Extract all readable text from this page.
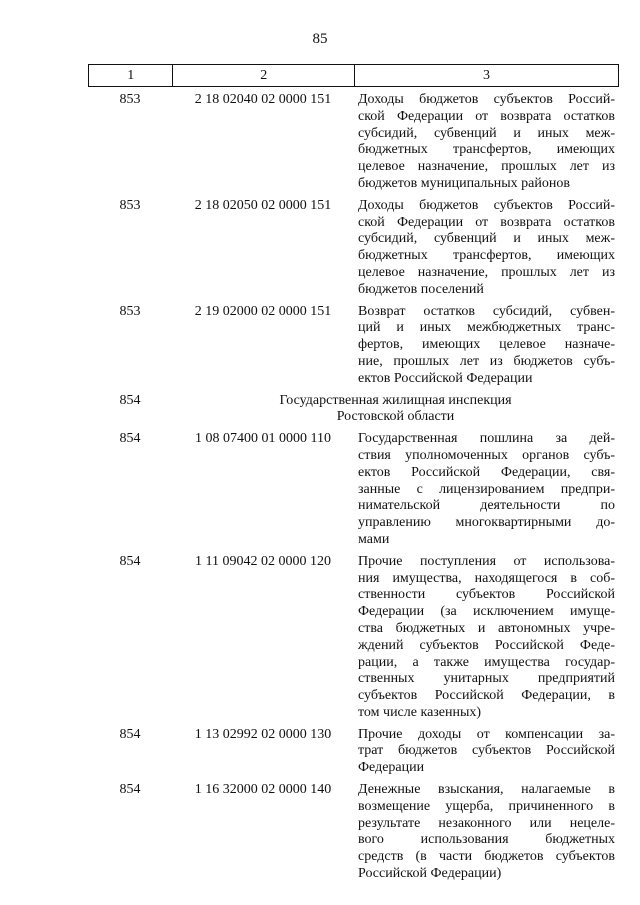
85
1	2	3
853	2 18 02040 02 0000 151	Доходы бюджетов субъектов Россий-
ской Федерации от возврата остатков
субсидий, субвенций и иных меж-
бюджетных трансфертов, имеющих
целевое назначение, прошлых лет из
бюджетов муниципальных районов
853	2 18 02050 02 0000 151	Доходы бюджетов субъектов Россий-
ской Федерации от возврата остатков
субсидий, субвенций и иных меж-
бюджетных трансфертов, имеющих
целевое назначение, прошлых лет из
бюджетов поселений
853	2 19 02000 02 0000 151	Возврат остатков субсидий, субвен-
ций и иных межбюджетных транс-
фертов, имеющих целевое назначе-
ние, прошлых лет из бюджетов субъ-
ектов Российской Федерации
854	Государственная жилищная инспекция
Ростовской области
854	1 08 07400 01 0000 110	Государственная пошлина за дей-
ствия уполномоченных органов субъ-
ектов Российской Федерации, свя-
занные с лицензированием предпри-
нимательской деятельности по
управлению многоквартирными до-
мами
854	1 11 09042 02 0000 120	Прочие поступления от использова-
ния имущества, находящегося в соб-
ственности субъектов Российской
Федерации (за исключением имуще-
ства бюджетных и автономных учре-
ждений субъектов Российской Феде-
рации, а также имущества государ-
ственных унитарных предприятий
субъектов Российской Федерации, в
том числе казенных)
854	1 13 02992 02 0000 130	Прочие доходы от компенсации за-
трат бюджетов субъектов Российской
Федерации
854	1 16 32000 02 0000 140	Денежные взыскания, налагаемые в
возмещение ущерба, причиненного в
результате незаконного или нецеле-
вого использования бюджетных
средств (в части бюджетов субъектов
Российской Федерации)
